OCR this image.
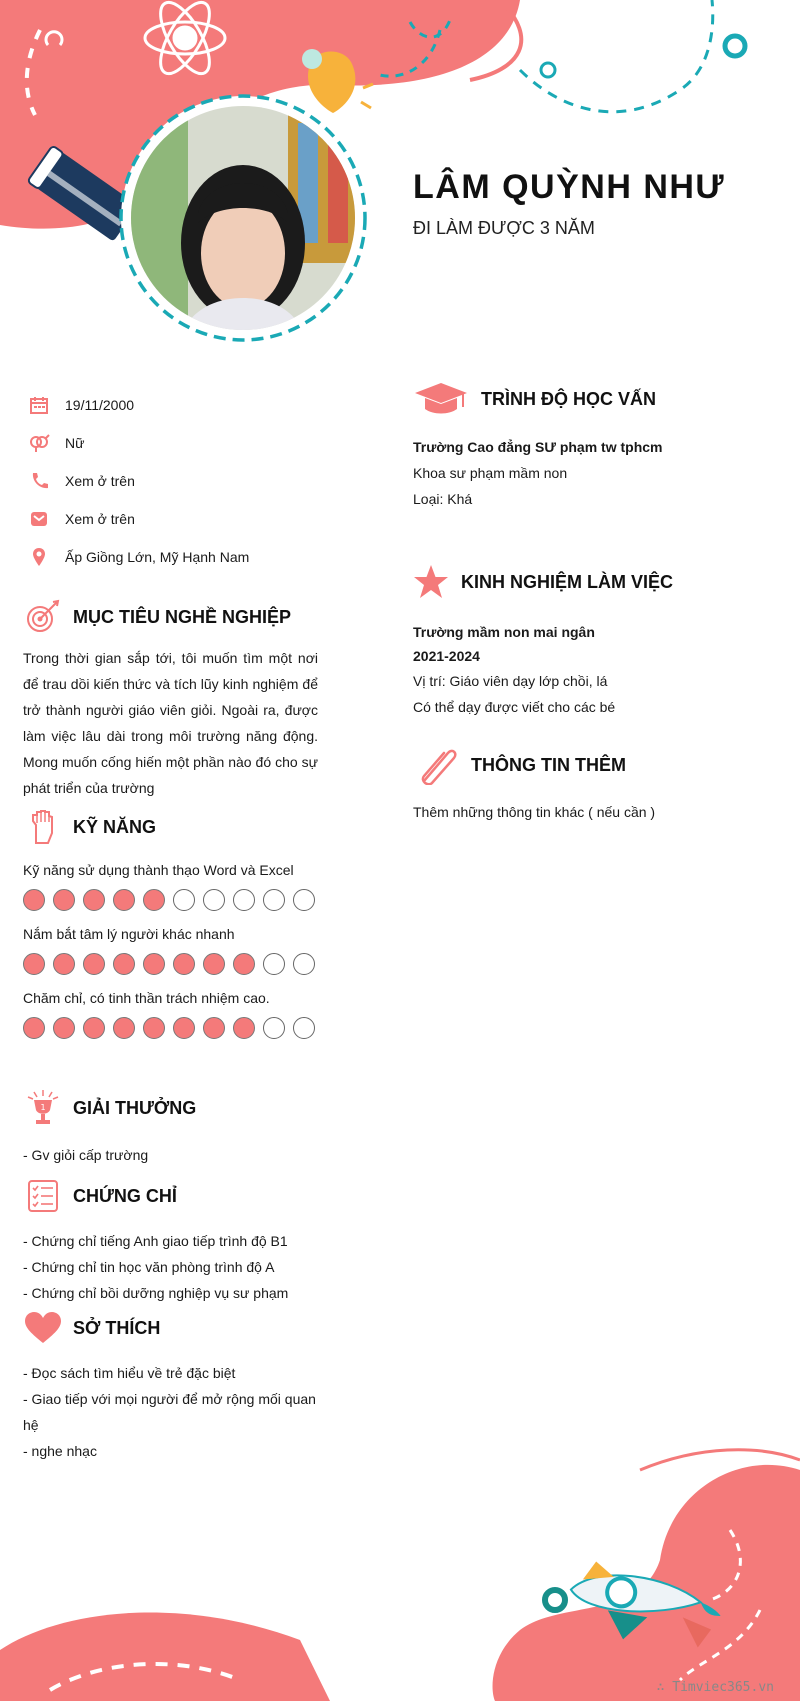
LÂM QUỲNH NHƯ
ĐI LÀM ĐƯỢC 3 NĂM
19/11/2000
Nữ
Xem ở trên
Xem ở trên
Ấp Giồng Lớn, Mỹ Hạnh Nam
MỤC TIÊU NGHỀ NGHIỆP
Trong thời gian sắp tới, tôi muốn tìm một nơi để trau dồi kiến thức và tích lũy kinh nghiệm để trở thành người giáo viên giỏi. Ngoài ra, được làm việc lâu dài trong môi trường năng động. Mong muốn cống hiến một phần nào đó cho sự phát triển của trường
KỸ NĂNG
Kỹ năng sử dụng thành thạo Word và Excel
Nắm bắt tâm lý người khác nhanh
Chăm chỉ, có tinh thần trách nhiệm cao.
1 GIẢI THƯỞNG
- Gv giỏi cấp trường
CHỨNG CHỈ
- Chứng chỉ tiếng Anh giao tiếp trình độ B1
- Chứng chỉ tin học văn phòng trình độ A
- Chứng chỉ bồi dưỡng nghiệp vụ sư phạm
SỞ THÍCH
- Đọc sách tìm hiểu về trẻ đặc biệt
- Giao tiếp với mọi người để mở rộng mối quan hệ
- nghe nhạc
TRÌNH ĐỘ HỌC VẤN
Trường Cao đẳng SƯ phạm tw tphcm
Khoa sư phạm mầm non
Loại: Khá
KINH NGHIỆM LÀM VIỆC
Trường mầm non mai ngân
2021-2024
Vị trí: Giáo viên dạy lớp chồi, lá
Có thể dạy được viết cho các bé
THÔNG TIN THÊM
Thêm những thông tin khác ( nếu cần )
∴ Timviec365.vn
